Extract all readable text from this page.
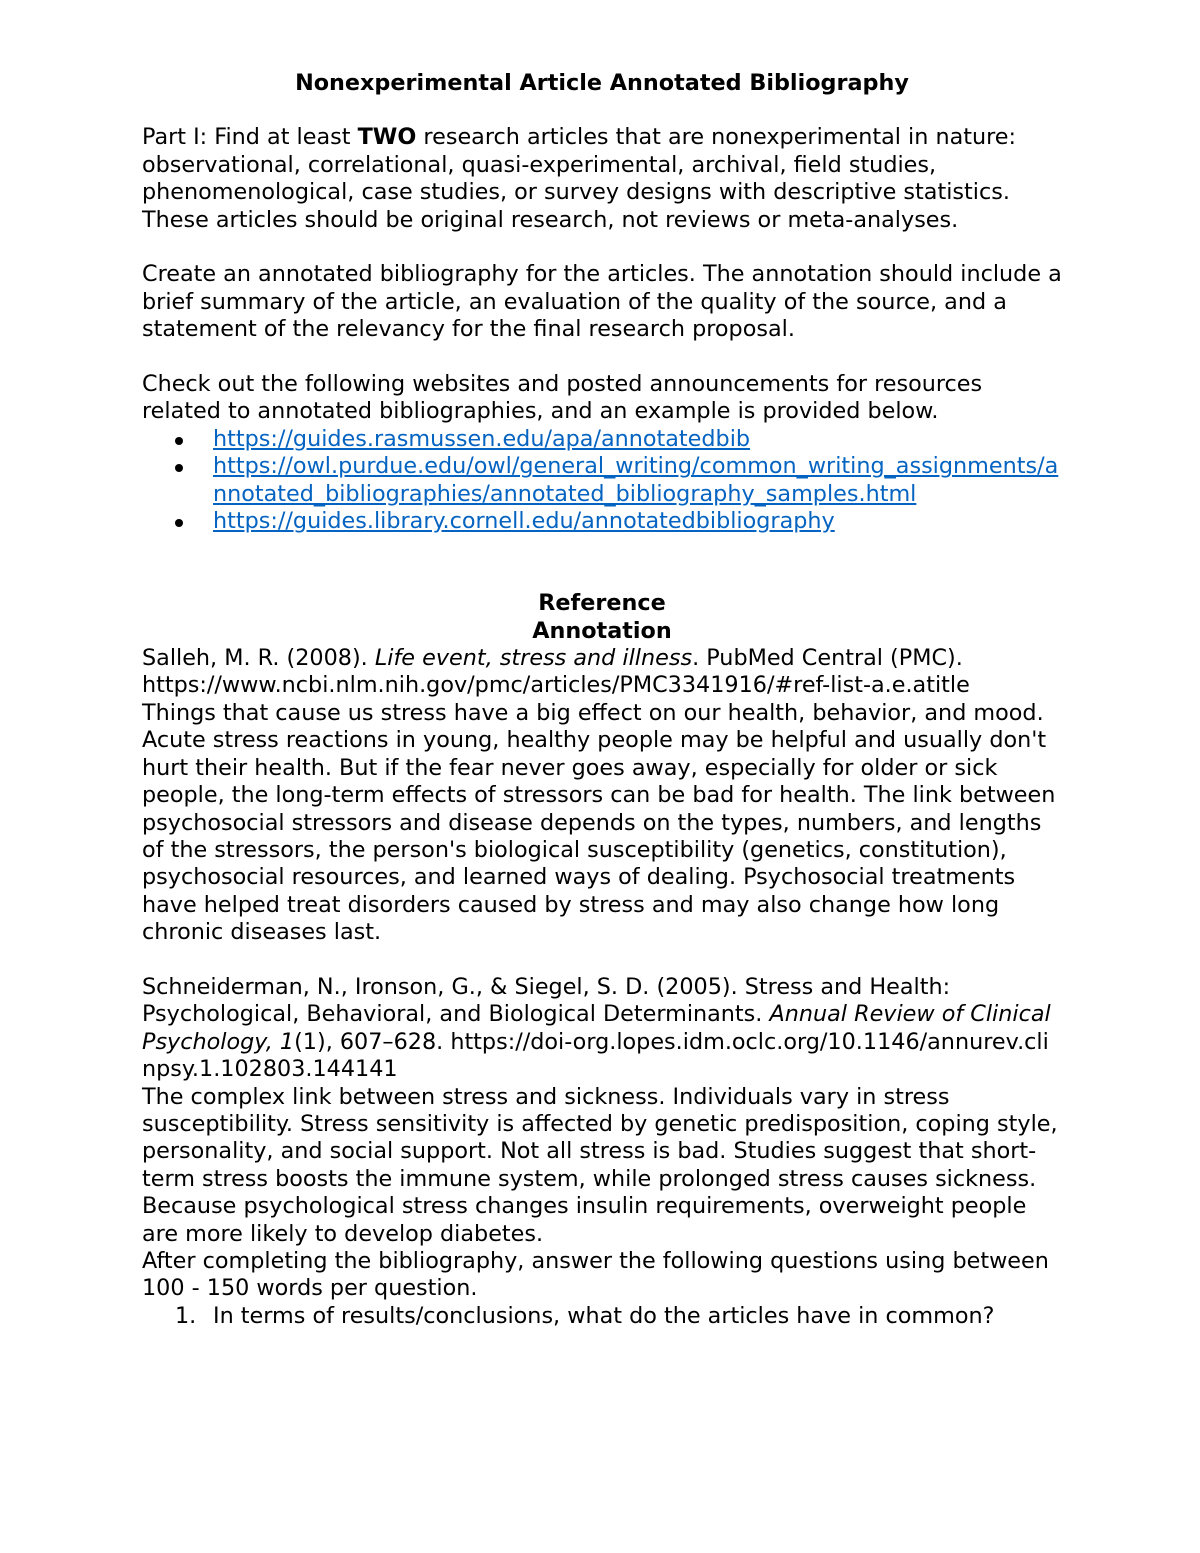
Nonexperimental Article Annotated Bibliography

Part I: Find at least TWO research articles that are nonexperimental in nature: observational, correlational, quasi-experimental, archival, field studies, phenomenological, case studies, or survey designs with descriptive statistics. These articles should be original research, not reviews or meta-analyses.

Create an annotated bibliography for the articles. The annotation should include a brief summary of the article, an evaluation of the quality of the source, and a statement of the relevancy for the final research proposal.

Check out the following websites and posted announcements for resources related to annotated bibliographies, and an example is provided below.

https://guides.rasmussen.edu/apa/annotatedbib
https://owl.purdue.edu/owl/general_writing/common_writing_assignments/annotated_bibliographies/annotated_bibliography_samples.html
https://guides.library.cornell.edu/annotatedbibliography
Reference
Annotation

Salleh, M. R. (2008). Life event, stress and illness. PubMed Central (PMC).

https://www.ncbi.nlm.nih.gov/pmc/articles/PMC3341916/#ref-list-a.e.atitle

Things that cause us stress have a big effect on our health, behavior, and mood. Acute stress reactions in young, healthy people may be helpful and usually don't hurt their health. But if the fear never goes away, especially for older or sick people, the long-term effects of stressors can be bad for health. The link between psychosocial stressors and disease depends on the types, numbers, and lengths of the stressors, the person's biological susceptibility (genetics, constitution), psychosocial resources, and learned ways of dealing. Psychosocial treatments have helped treat disorders caused by stress and may also change how long chronic diseases last.

Schneiderman, N., Ironson, G., & Siegel, S. D. (2005). Stress and Health: Psychological, Behavioral, and Biological Determinants. Annual Review of Clinical Psychology, 1(1), 607–628. https://doi-org.lopes.idm.oclc.org/10.1146/annurev.clinpsy.1.102803.144141

The complex link between stress and sickness. Individuals vary in stress susceptibility. Stress sensitivity is affected by genetic predisposition, coping style, personality, and social support. Not all stress is bad. Studies suggest that short-term stress boosts the immune system, while prolonged stress causes sickness. Because psychological stress changes insulin requirements, overweight people are more likely to develop diabetes.

After completing the bibliography, answer the following questions using between 100 - 150 words per question.

1. In terms of results/conclusions, what do the articles have in common?
